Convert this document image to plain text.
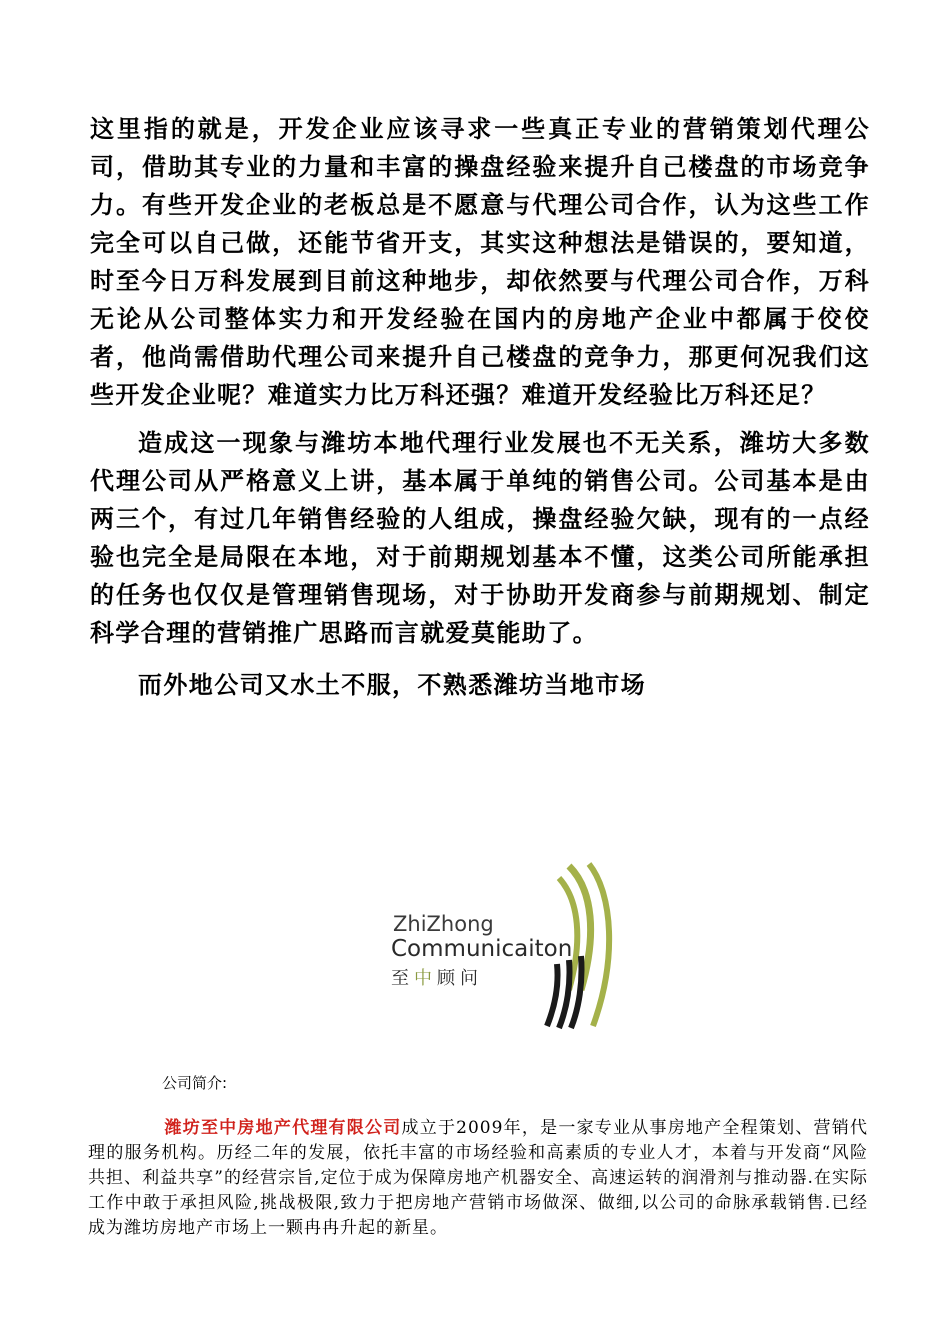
这里指的就是，开发企业应该寻求一些真正专业的营销策划代理公司，借助其专业的力量和丰富的操盘经验来提升自己楼盘的市场竞争力。有些开发企业的老板总是不愿意与代理公司合作，认为这些工作完全可以自己做，还能节省开支，其实这种想法是错误的，要知道，时至今日万科发展到目前这种地步，却依然要与代理公司合作，万科无论从公司整体实力和开发经验在国内的房地产企业中都属于佼佼者，他尚需借助代理公司来提升自己楼盘的竞争力，那更何况我们这些开发企业呢？难道实力比万科还强？难道开发经验比万科还足？

造成这一现象与潍坊本地代理行业发展也不无关系，潍坊大多数代理公司从严格意义上讲，基本属于单纯的销售公司。公司基本是由两三个，有过几年销售经验的人组成，操盘经验欠缺，现有的一点经验也完全是局限在本地，对于前期规划基本不懂，这类公司所能承担的任务也仅仅是管理销售现场，对于协助开发商参与前期规划、制定科学合理的营销推广思路而言就爱莫能助了。

而外地公司又水土不服，不熟悉潍坊当地市场

ZhiZhong
Communicaiton
至中顾问
公司简介:
潍坊至中房地产代理有限公司成立于2009年，是一家专业从事房地产全程策划、营销代理的服务机构。历经二年的发展，依托丰富的市场经验和高素质的专业人才，本着与开发商“风险共担、利益共享”的经营宗旨,定位于成为保障房地产机器安全、高速运转的润滑剂与推动器.在实际工作中敢于承担风险,挑战极限,致力于把房地产营销市场做深、做细,以公司的命脉承载销售.已经成为潍坊房地产市场上一颗冉冉升起的新星。
